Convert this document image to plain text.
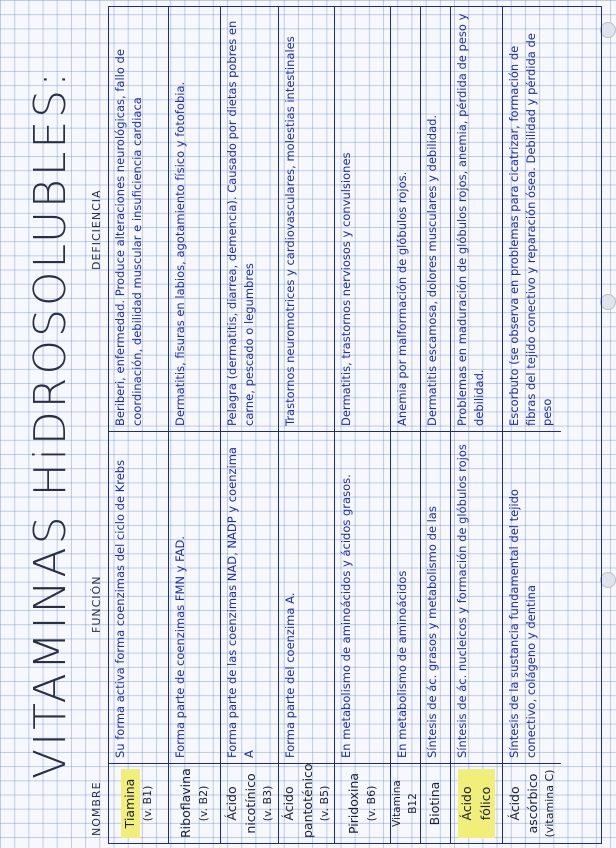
VITAMINAS HiDROSOLUBLES:
NOMBRE
FUNCIÓN
DEFICIENCIA
Tiamina (v. B1)
Su forma activa forma coenzimas del ciclo de Krebs
Beriberi, enfermedad. Produce alteraciones neurológicas, fallo de coordinación, debilidad muscular e insuficiencia cardiaca
Riboflavina (v. B2)
Forma parte de coenzimas FMN y FAD.
Dermatitis, fisuras en labios, agotamiento físico y fotofobia.
Ácido nicotínico (v. B3)
Forma parte de las coenzimas NAD, NADP y coenzima A
Pelagra (dermatitis, diarrea, demencia). Causado por dietas pobres en carne, pescado o legumbres
Ácido pantoténico (v. B5)
Forma parte del coenzima A.
Trastornos neuromotrices y cardiovasculares, molestias intestinales
Piridoxina (v. B6)
En metabolismo de aminoácidos y ácidos grasos.
Dermatitis, trastornos nerviosos y convulsiones
Vitamina B12
En metabolismo de aminoácidos
Anemia por malformación de glóbulos rojos.
Biotina
Síntesis de ác. grasos y metabolismo de las
Dermatitis escamosa, dolores musculares y debilidad.
Ácido fólico
Síntesis de ác. nucleicos y formación de glóbulos rojos
Problemas en maduración de glóbulos rojos, anemia, pérdida de peso y debilidad.
Ácido ascórbico (vitamina C)
Síntesis de la sustancia fundamental del tejido conectivo, colágeno y dentina
Escorbuto (se observa en problemas para cicatrizar, formación de fibras del tejido conectivo y reparación ósea. Debilidad y pérdida de peso
